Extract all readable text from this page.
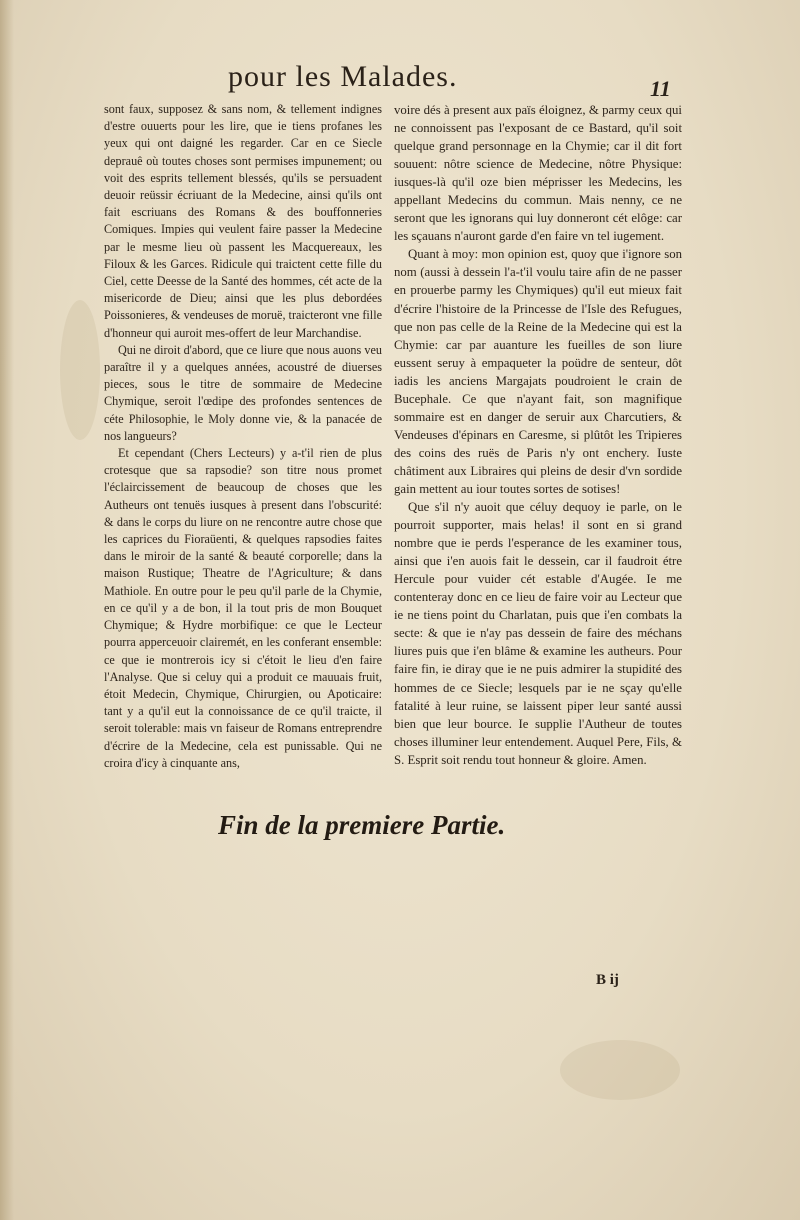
pour les Malades.	11

sont faux, supposez & sans nom, & tellement indignes d'estre ouuerts pour les lire, que ie tiens profanes les yeux qui ont daigné les regarder. Car en ce Siecle deprauê où toutes choses sont permises impunement; ou voit des esprits tellement blessés, qu'ils se persuadent deuoir reüssir écriuant de la Medecine, ainsi qu'ils ont fait escriuans des Romans & des bouffonneries Comiques. Impies qui veulent faire passer la Medecine par le mesme lieu où passent les Macquereaux, les Filoux & les Garces. Ridicule qui traictent cette fille du Ciel, cette Deesse de la Santé des hommes, cét acte de la misericorde de Dieu; ainsi que les plus debordées Poissonieres, & vendeuses de moruë, traicteront vne fille d'honneur qui auroit mes-offert de leur Marchandise.

Qui ne diroit d'abord, que ce liure que nous auons veu paraître il y a quelques années, acoustré de diuerses pieces, sous le titre de sommaire de Medecine Chymique, seroit l'œdipe des profondes sentences de céte Philosophie, le Moly donne vie, & la panacée de nos langueurs?

Et cependant (Chers Lecteurs) y a-t'il rien de plus crotesque que sa rapsodie? son titre nous promet l'éclaircissement de beaucoup de choses que les Autheurs ont tenuës iusques à present dans l'obscurité: & dans le corps du liure on ne rencontre autre chose que les caprices du Fioraüenti, & quelques rapsodies faites dans le miroir de la santé & beauté corporelle; dans la maison Rustique; Theatre de l'Agriculture; & dans Mathiole. En outre pour le peu qu'il parle de la Chymie, en ce qu'il y a de bon, il la tout pris de mon Bouquet Chymique; & Hydre morbifique: ce que le Lecteur pourra apperceuoir clairemét, en les conferant ensemble: ce que ie montrerois icy si c'étoit le lieu d'en faire l'Analyse. Que si celuy qui a produit ce mauuais fruit, étoit Medecin, Chymique, Chirurgien, ou Apoticaire: tant y a qu'il eut la connoissance de ce qu'il traicte, il seroit tolerable: mais vn faiseur de Romans entreprendre d'écrire de la Medecine, cela est punissable. Qui ne croira d'icy à cinquante ans,

voire dés à present aux païs éloignez, & parmy ceux qui ne connoissent pas l'exposant de ce Bastard, qu'il soit quelque grand personnage en la Chymie; car il dit fort souuent: nôtre science de Medecine, nôtre Physique: iusques-là qu'il oze bien méprisser les Medecins, les appellant Medecins du commun. Mais nenny, ce ne seront que les ignorans qui luy donneront cét elôge: car les sçauans n'auront garde d'en faire vn tel iugement.

Quant à moy: mon opinion est, quoy que i'ignore son nom (aussi à dessein l'a-t'il voulu taire afin de ne passer en prouerbe parmy les Chymiques) qu'il eut mieux fait d'écrire l'histoire de la Princesse de l'Isle des Refugues, que non pas celle de la Reine de la Medecine qui est la Chymie: car par auanture les fueilles de son liure eussent seruy à empaqueter la poüdre de senteur, dôt iadis les anciens Margajats poudroient le crain de Bucephale. Ce que n'ayant fait, son magnifique sommaire est en danger de seruir aux Charcutiers, & Vendeuses d'épinars en Caresme, si plûtôt les Tripieres des coins des ruës de Paris n'y ont enchery. Iuste châtiment aux Libraires qui pleins de desir d'vn sordide gain mettent au iour toutes sortes de sotises!

Que s'il n'y auoit que céluy dequoy ie parle, on le pourroit supporter, mais helas! il sont en si grand nombre que ie perds l'esperance de les examiner tous, ainsi que i'en auois fait le dessein, car il faudroit étre Hercule pour vuider cét estable d'Augée. Ie me contenteray donc en ce lieu de faire voir au Lecteur que ie ne tiens point du Charlatan, puis que i'en combats la secte: & que ie n'ay pas dessein de faire des méchans liures puis que i'en blâme & examine les autheurs. Pour faire fin, ie diray que ie ne puis admirer la stupidité des hommes de ce Siecle; lesquels par ie ne sçay qu'elle fatalité à leur ruine, se laissent piper leur santé aussi bien que leur bource. Ie supplie l'Autheur de toutes choses illuminer leur entendement. Auquel Pere, Fils, & S. Esprit soit rendu tout honneur & gloire. Amen.

Fin de la premiere Partie.
B ij
